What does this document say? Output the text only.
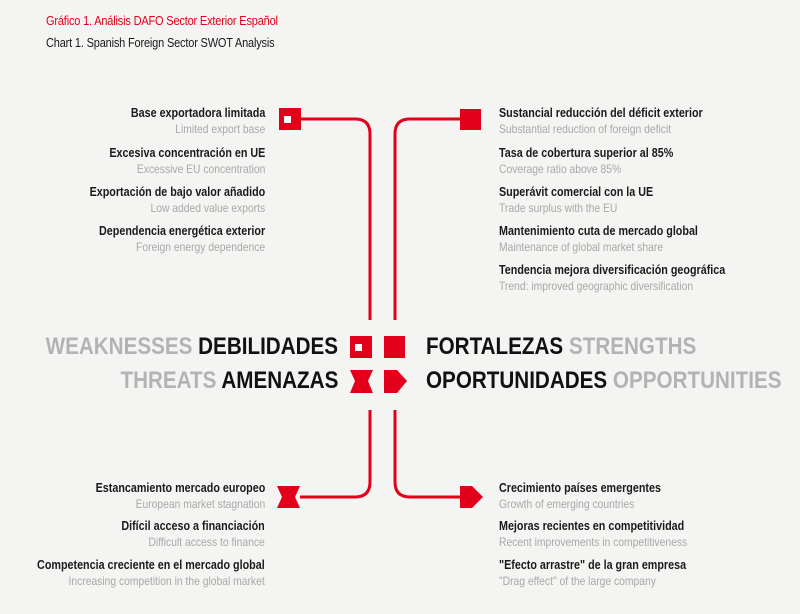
Gráfico 1. Análisis DAFO Sector Exterior Español
Chart 1. Spanish Foreign Sector SWOT Analysis
Base exportadora limitada
Limited export base
Excesiva concentración en UE
Excessive EU concentration
Exportación de bajo valor añadido
Low added value exports
Dependencia energética exterior
Foreign energy dependence
Sustancial reducción del déficit exterior
Substantial reduction of foreign deficit
Tasa de cobertura superior al 85%
Coverage ratio above 85%
Superávit comercial con la UE
Trade surplus with the EU
Mantenimiento cuta de mercado global
Maintenance of global market share
Tendencia mejora diversificación geográfica
Trend: improved geographic diversification
WEAKNESSES DEBILIDADES	FORTALEZAS STRENGTHS
THREATS AMENAZAS	OPORTUNIDADES OPPORTUNITIES
Estancamiento mercado europeo
European market stagnation
Difícil acceso a financiación
Difficult access to finance
Competencia creciente en el mercado global
Increasing competition in the global market
Crecimiento países emergentes
Growth of emerging countries
Mejoras recientes en competitividad
Recent improvements in competitiveness
"Efecto arrastre" de la gran empresa
"Drag effect" of the large company
